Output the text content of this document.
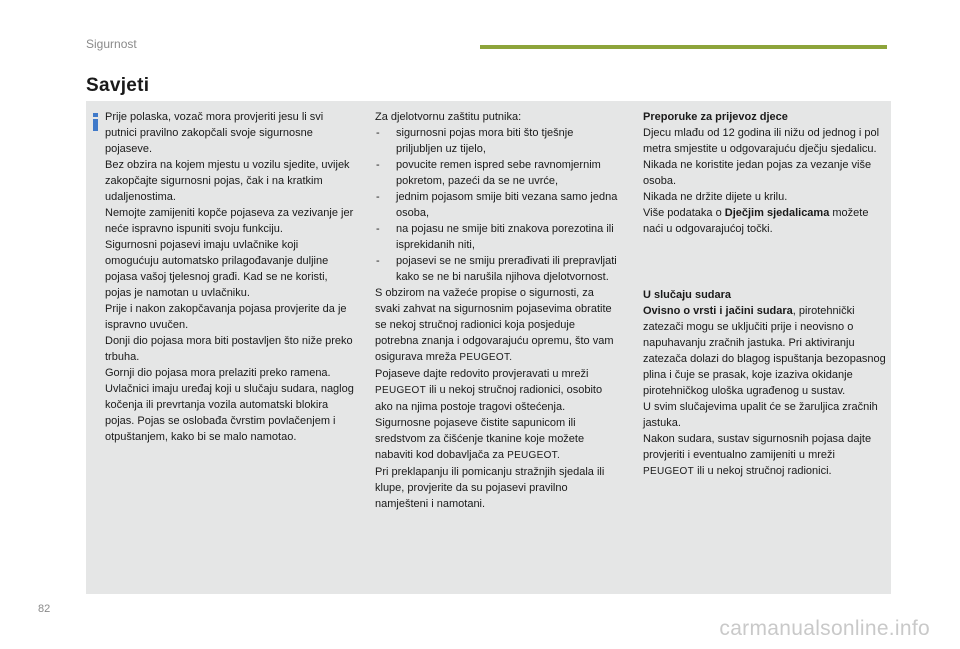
Sigurnost
Savjeti

Prije polaska, vozač mora provjeriti jesu li svi putnici pravilno zakopčali svoje sigurnosne pojaseve.

Bez obzira na kojem mjestu u vozilu sjedite, uvijek zakopčajte sigurnosni pojas, čak i na kratkim udaljenostima.

Nemojte zamijeniti kopče pojaseva za vezivanje jer neće ispravno ispuniti svoju funkciju.

Sigurnosni pojasevi imaju uvlačnike koji omogućuju automatsko prilagođavanje duljine pojasa vašoj tjelesnoj građi. Kad se ne koristi, pojas je namotan u uvlačniku.

Prije i nakon zakopčavanja pojasa provjerite da je ispravno uvučen.

Donji dio pojasa mora biti postavljen što niže preko trbuha.

Gornji dio pojasa mora prelaziti preko ramena.

Uvlačnici imaju uređaj koji u slučaju sudara, naglog kočenja ili prevrtanja vozila automatski blokira pojas. Pojas se oslobađa čvrstim povlačenjem i otpuštanjem, kako bi se malo namotao.

Za djelotvornu zaštitu putnika:

- sigurnosni pojas mora biti što tješnje priljubljen uz tijelo,
- povucite remen ispred sebe ravnomjernim pokretom, pazeći da se ne uvrće,
- jednim pojasom smije biti vezana samo jedna osoba,
- na pojasu ne smije biti znakova porezotina ili isprekidanih niti,
- pojasevi se ne smiju prerađivati ili prepravljati kako se ne bi narušila njihova djelotvornost.

S obzirom na važeće propise o sigurnosti, za svaki zahvat na sigurnosnim pojasevima obratite se nekoj stručnoj radionici koja posjeduje potrebna znanja i odgovarajuću opremu, što vam osigurava mreža PEUGEOT.

Pojaseve dajte redovito provjeravati u mreži PEUGEOT ili u nekoj stručnoj radionici, osobito ako na njima postoje tragovi oštećenja.

Sigurnosne pojaseve čistite sapunicom ili sredstvom za čišćenje tkanine koje možete nabaviti kod dobavljača za PEUGEOT.

Pri preklapanju ili pomicanju stražnjih sjedala ili klupe, provjerite da su pojasevi pravilno namješteni i namotani.

Preporuke za prijevoz djece

Djecu mlađu od 12 godina ili nižu od jednog i pol metra smjestite u odgovarajuću dječju sjedalicu.

Nikada ne koristite jedan pojas za vezanje više osoba.

Nikada ne držite dijete u krilu.

Više podataka o Dječjim sjedalicama možete naći u odgovarajućoj točki.

U slučaju sudara

Ovisno o vrsti i jačini sudara, pirotehnički zatezači mogu se uključiti prije i neovisno o napuhavanju zračnih jastuka. Pri aktiviranju zatezača dolazi do blagog ispuštanja bezopasnog plina i čuje se prasak, koje izaziva okidanje pirotehničkog uloška ugrađenog u sustav.

U svim slučajevima upalit će se žaruljica zračnih jastuka.

Nakon sudara, sustav sigurnosnih pojasa dajte provjeriti i eventualno zamijeniti u mreži PEUGEOT ili u nekoj stručnoj radionici.

82
carmanualsonline.info
